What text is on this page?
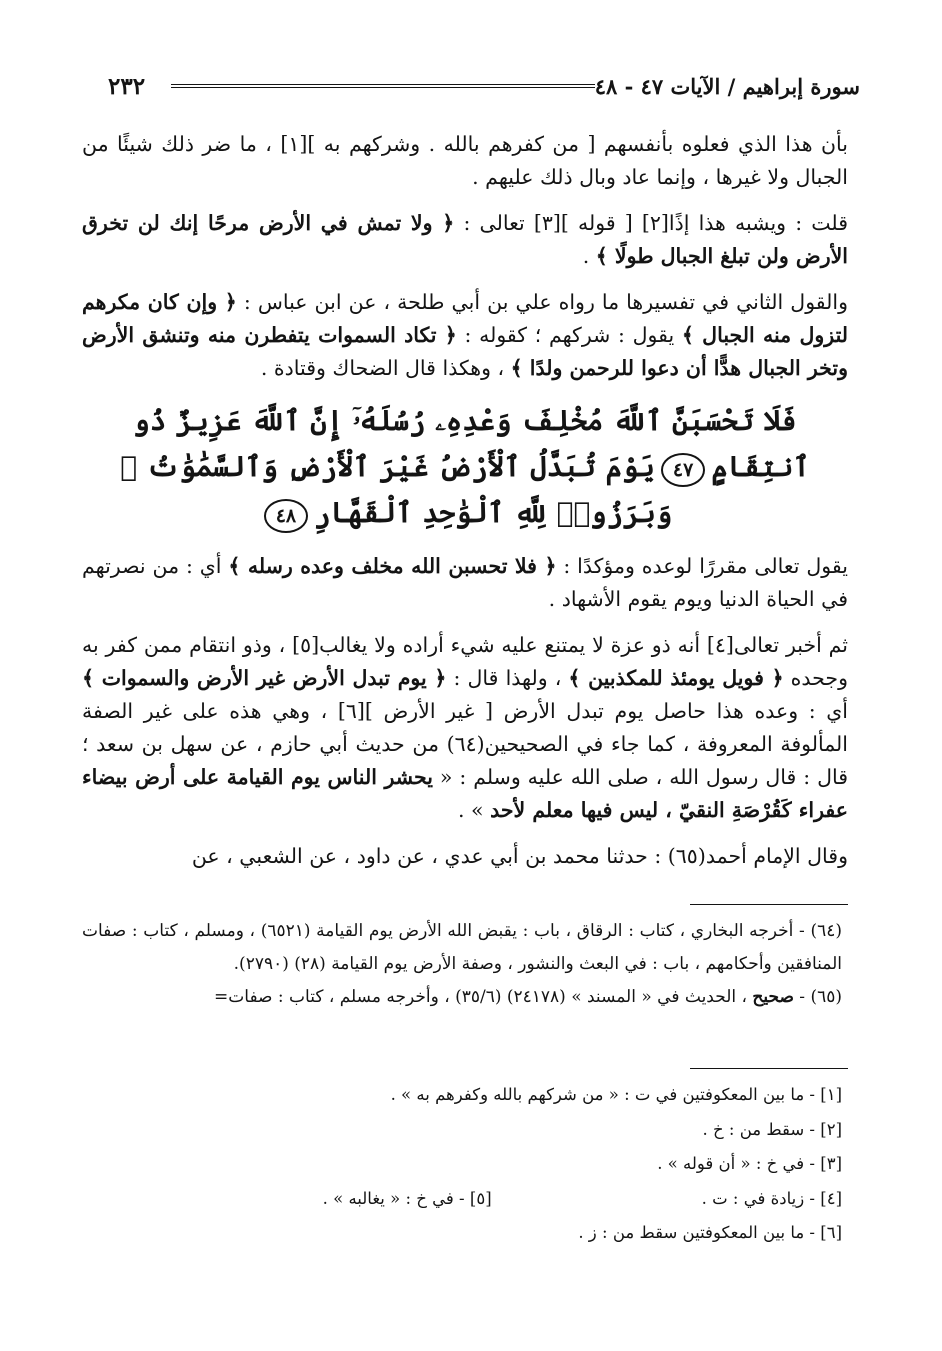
٢٣٢	سورة إبراهيم / الآيات ٤٧ - ٤٨

بأن هذا الذي فعلوه بأنفسهم [ من كفرهم بالله . وشركهم به ][١] ، ما ضر ذلك شيئًا من الجبال ولا غيرها ، وإنما عاد وبال ذلك عليهم .

قلت : ويشبه هذا إذًا[٢] [ قوله ][٣] تعالى : ﴿ ولا تمش في الأرض مرحًا إنك لن تخرق الأرض ولن تبلغ الجبال طولًا ﴾ .

والقول الثاني في تفسيرها ما رواه علي بن أبي طلحة ، عن ابن عباس : ﴿ وإن كان مكرهم لتزول منه الجبال ﴾ يقول : شركهم ؛ كقوله : ﴿ تكاد السموات يتفطرن منه وتنشق الأرض وتخر الجبال هدًّا أن دعوا للرحمن ولدًا ﴾ ، وهكذا قال الضحاك وقتادة .

فَلَا تَحْسَبَنَّ ٱللَّهَ مُخْلِفَ وَعْدِهِۦ رُسُلَهُۥٓ إِنَّ ٱللَّهَ عَزِيزٌ ذُو ٱنتِقَامٍ٤٧يَوْمَ تُبَدَّلُ ٱلْأَرْضُ غَيْرَ ٱلْأَرْضِ وَٱلسَّمَٰوَٰتُ ۖ وَبَرَزُوا۟ لِلَّهِ ٱلْوَٰحِدِ ٱلْقَهَّارِ٤٨

يقول تعالى مقررًا لوعده ومؤكدًا : ﴿ فلا تحسبن الله مخلف وعده رسله ﴾ أي : من نصرتهم في الحياة الدنيا ويوم يقوم الأشهاد .

ثم أخبر تعالى[٤] أنه ذو عزة لا يمتنع عليه شيء أراده ولا يغالب[٥] ، وذو انتقام ممن كفر به وجحده ﴿ فويل يومئذ للمكذبين ﴾ ، ولهذا قال : ﴿ يوم تبدل الأرض غير الأرض والسموات ﴾ أي : وعده هذا حاصل يوم تبدل الأرض [ غير الأرض ][٦] ، وهي هذه على غير الصفة المألوفة المعروفة ، كما جاء في الصحيحين(٦٤) من حديث أبي حازم ، عن سهل بن سعد ؛ قال : قال رسول الله ، صلى الله عليه وسلم : « يحشر الناس يوم القيامة على أرض بيضاء عفراء كَقُرْصَةِ النقيّ ، ليس فيها معلم لأحد » .

وقال الإمام أحمد(٦٥) : حدثنا محمد بن أبي عدي ، عن داود ، عن الشعبي ، عن

(٦٤) - أخرجه البخاري ، كتاب : الرقاق ، باب : يقبض الله الأرض يوم القيامة (٦٥٢١) ، ومسلم ، كتاب : صفات المنافقين وأحكامهم ، باب : في البعث والنشور ، وصفة الأرض يوم القيامة (٢٨) (٢٧٩٠).

(٦٥) - صحيح ، الحديث في « المسند » (٢٤١٧٨) (٣٥/٦) ، وأخرجه مسلم ، كتاب : صفات=

[١] - ما بين المعكوفتين في ت : « من شركهم بالله وكفرهم به » .
[٢] - سقط من : خ .
[٣] - في خ : « أن قوله » .
[٤] - زيادة في : ت .
[٥] - في خ : « يغالبه » .
[٦] - ما بين المعكوفتين سقط من : ز .
